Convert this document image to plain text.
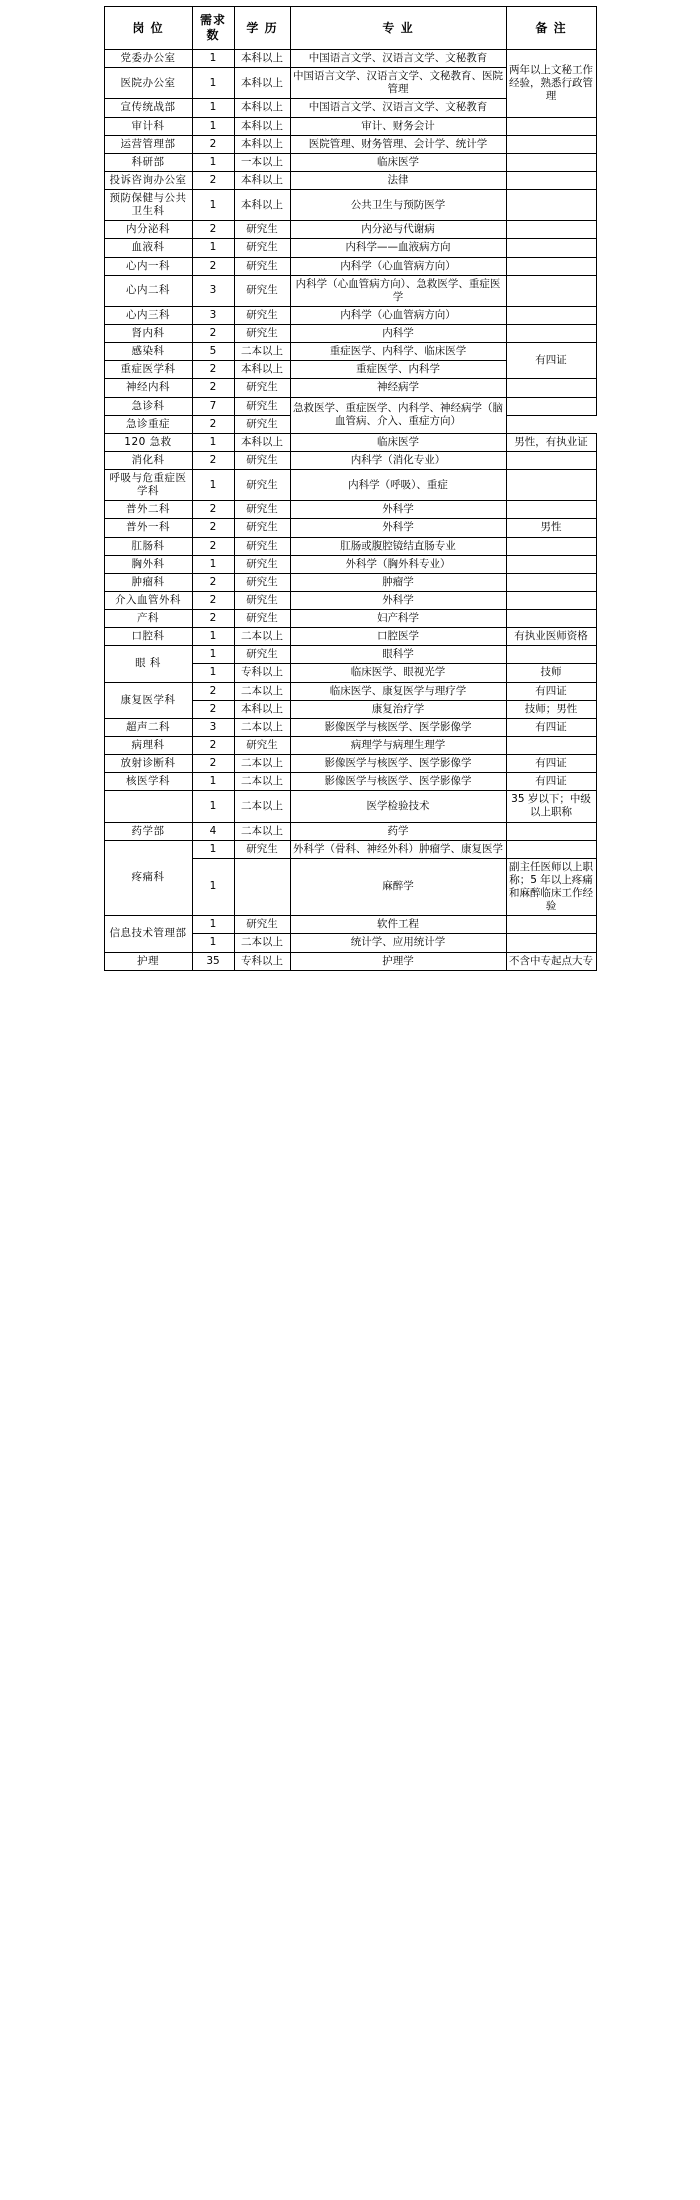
岗 位	需求数	学 历	专 业	备 注
党委办公室	1	本科以上	中国语言文学、汉语言文学、文秘教育	两年以上文秘工作经验，熟悉行政管理
医院办公室	1	本科以上	中国语言文学、汉语言文学、文秘教育、医院管理	
宣传统战部	1	本科以上	中国语言文学、汉语言文学、文秘教育	
审计科	1	本科以上	审计、财务会计	
运营管理部	2	本科以上	医院管理、财务管理、会计学、统计学	
科研部	1	一本以上	临床医学	
投诉咨询办公室	2	本科以上	法律	
预防保健与公共卫生科	1	本科以上	公共卫生与预防医学	
内分泌科	2	研究生	内分泌与代谢病	
血液科	1	研究生	内科学——血液病方向	
心内一科	2	研究生	内科学（心血管病方向）	
心内二科	3	研究生	内科学（心血管病方向）、急救医学、重症医学	
心内三科	3	研究生	内科学（心血管病方向）	
肾内科	2	研究生	内科学	
感染科	5	二本以上	重症医学、内科学、临床医学	有四证
重症医学科	2	本科以上	重症医学、内科学	
神经内科	2	研究生	神经病学	
急诊科	7	研究生	急救医学、重症医学、内科学、神经病学（脑血管病、介入、重症方向）	
急诊重症	2	研究生		
120 急救	1	本科以上	临床医学	男性，有执业证
消化科	2	研究生	内科学（消化专业）	
呼吸与危重症医学科	1	研究生	内科学（呼吸）、重症	
普外二科	2	研究生	外科学	
普外一科	2	研究生	外科学	男性
肛肠科	2	研究生	肛肠或腹腔镜结直肠专业	
胸外科	1	研究生	外科学（胸外科专业）	
肿瘤科	2	研究生	肿瘤学	
介入血管外科	2	研究生	外科学	
产科	2	研究生	妇产科学	
口腔科	1	二本以上	口腔医学	有执业医师资格
眼 科	1	研究生	眼科学	
	1	专科以上	临床医学、眼视光学	技师
康复医学科	2	二本以上	临床医学、康复医学与理疗学	有四证
	2	本科以上	康复治疗学	技师；男性
超声二科	3	二本以上	影像医学与核医学、医学影像学	有四证
病理科	2	研究生	病理学与病理生理学	
放射诊断科	2	二本以上	影像医学与核医学、医学影像学	有四证
核医学科	1	二本以上	影像医学与核医学、医学影像学	有四证
	1	二本以上	医学检验技术	35 岁以下；中级以上职称
药学部	4	二本以上	药学	
疼痛科	1	研究生	外科学（骨科、神经外科）肿瘤学、康复医学	
	1		麻醉学	副主任医师以上职称；5 年以上疼痛和麻醉临床工作经验
信息技术管理部	1	研究生	软件工程	
	1	二本以上	统计学、应用统计学	
护理	35	专科以上	护理学	不含中专起点大专
